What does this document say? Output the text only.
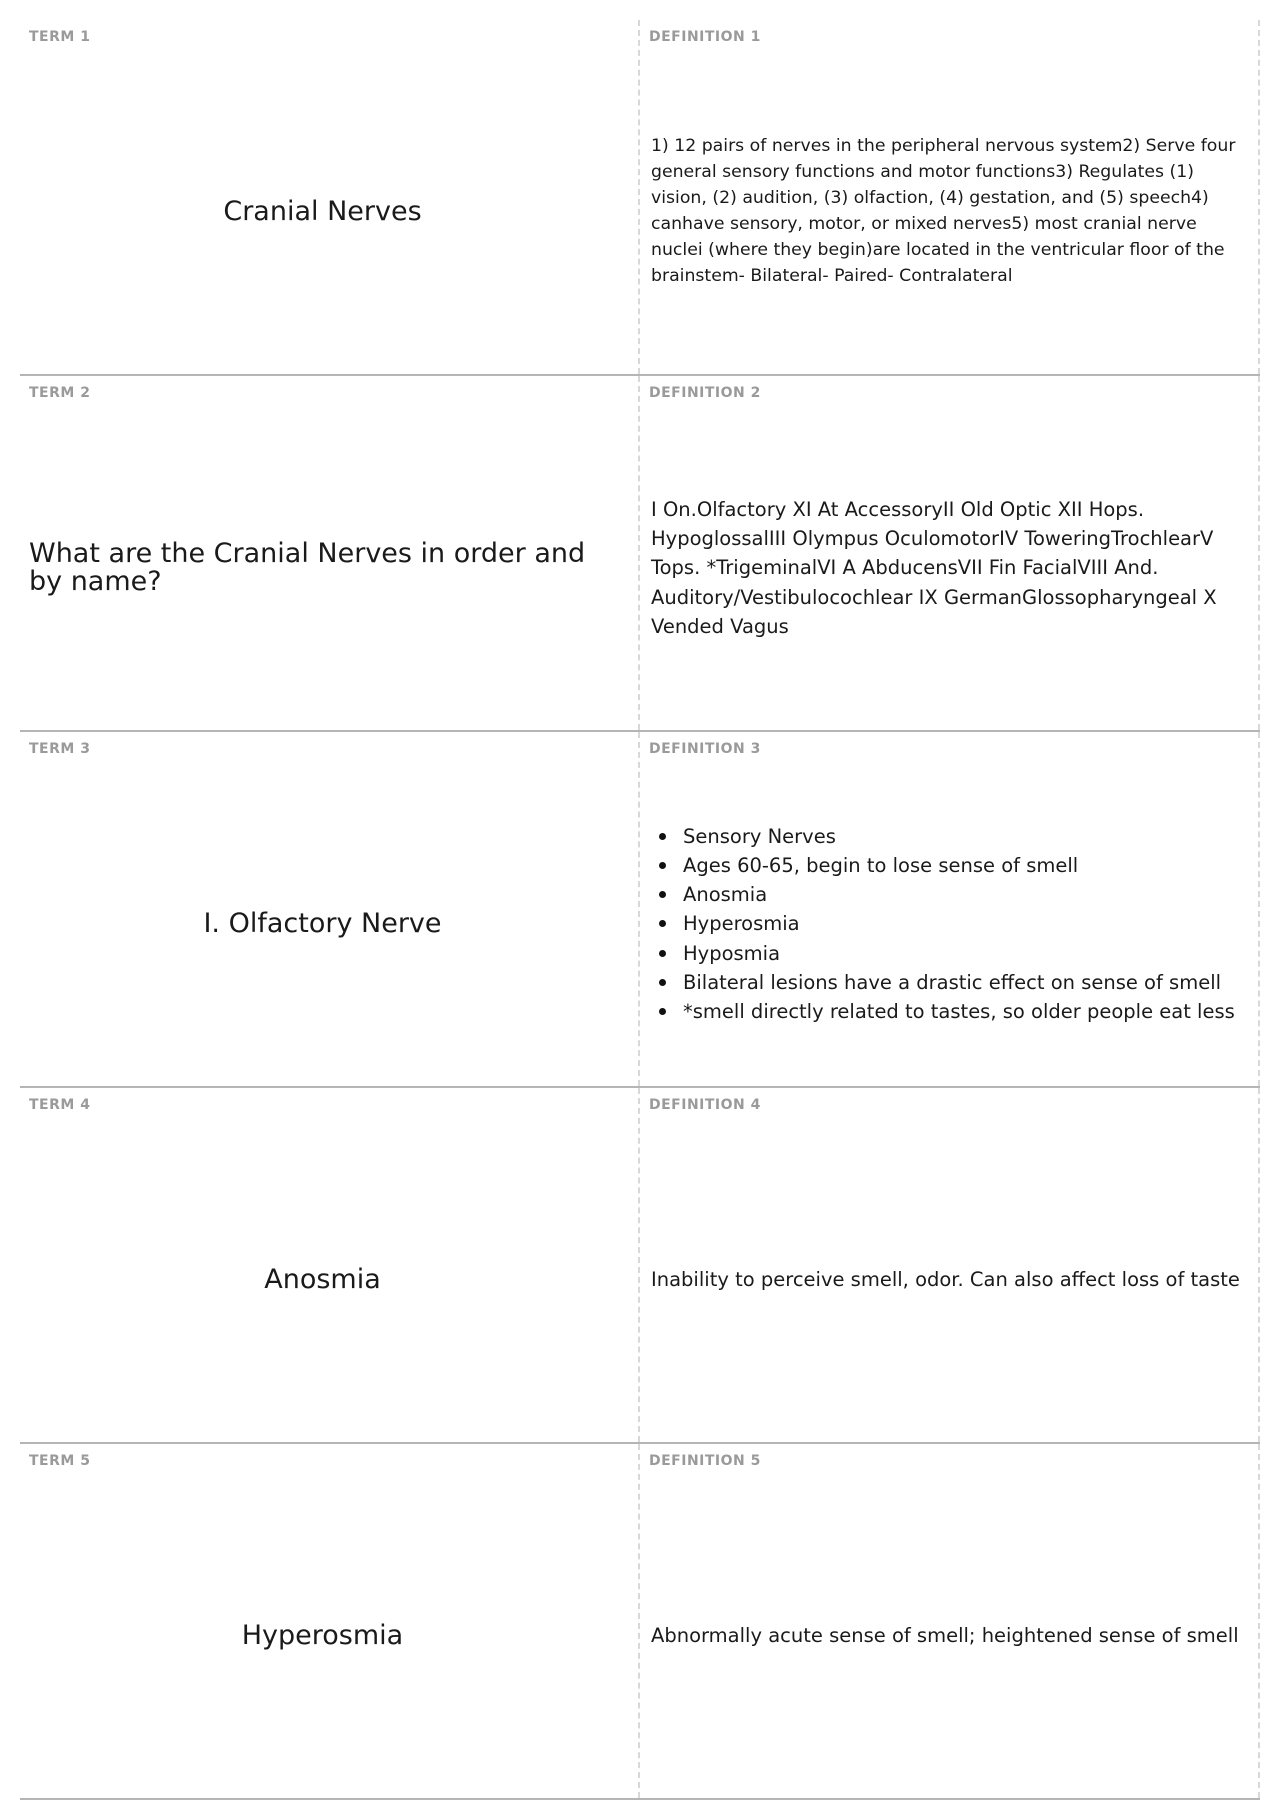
TERM 1
Cranial Nerves
DEFINITION 1
1) 12 pairs of nerves in the peripheral nervous system2) Serve four general sensory functions and motor functions3) Regulates (1) vision, (2) audition, (3) olfaction, (4) gestation, and (5) speech4) canhave sensory, motor, or mixed nerves5) most cranial nerve nuclei (where they begin)are located in the ventricular floor of the brainstem- Bilateral- Paired- Contralateral
TERM 2
What are the Cranial Nerves in order and by name?
DEFINITION 2
I On.Olfactory XI At AccessoryII Old Optic XII Hops. HypoglossalIII Olympus OculomotorIV ToweringTrochlearV Tops. *TrigeminalVI A AbducensVII Fin FacialVIII And. Auditory/Vestibulocochlear IX GermanGlossopharyngeal X Vended Vagus
TERM 3
I. Olfactory Nerve
DEFINITION 3
Sensory Nerves
Ages 60-65, begin to lose sense of smell
Anosmia
Hyperosmia
Hyposmia
Bilateral lesions have a drastic effect on sense of smell
*smell directly related to tastes, so older people eat less
TERM 4
Anosmia
DEFINITION 4
Inability to perceive smell, odor. Can also affect loss of taste
TERM 5
Hyperosmia
DEFINITION 5
Abnormally acute sense of smell; heightened sense of smell
